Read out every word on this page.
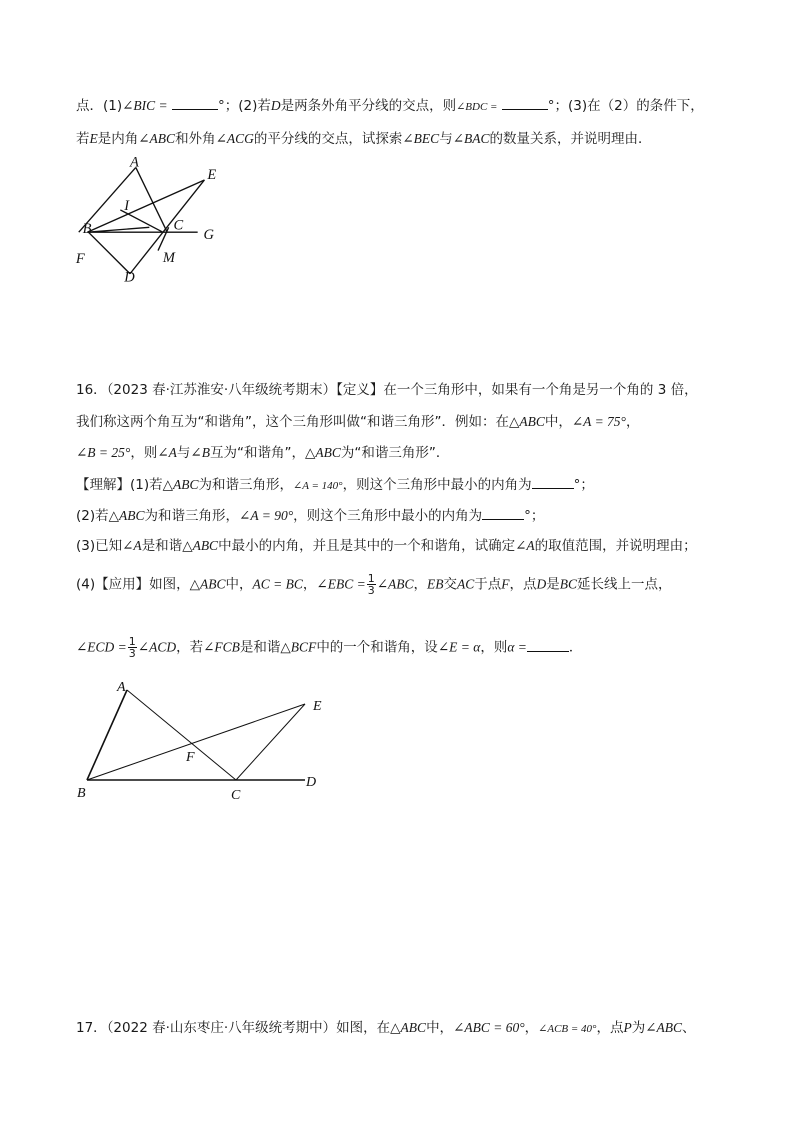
点．(1)∠BIC =	°；(2)若D是两条外角平分线的交点，则∠BDC =	°；(3)在（2）的条件下，
若E是内角∠ABC和外角∠ACG的平分线的交点，试探索∠BEC与∠BAC的数量关系，并说明理由．
A
E
I
B	C
G
F	M
D
16．（2023 春·江苏淮安·八年级统考期末）【定义】在一个三角形中，如果有一个角是另一个角的 3 倍，
我们称这两个角互为“和谐角”，这个三角形叫做“和谐三角形”．例如：在△ABC中，∠A = 75°，
∠B = 25°，则∠A与∠B互为“和谐角”，△ABC为“和谐三角形”．
【理解】(1)若△ABC为和谐三角形，∠A = 140°，则这个三角形中最小的内角为	°；
(2)若△ABC为和谐三角形，∠A = 90°，则这个三角形中最小的内角为	°；
(3)已知∠A是和谐△ABC中最小的内角，并且是其中的一个和谐角，试确定∠A的取值范围，并说明理由；
(4)【应用】如图，△ABC中，AC = BC，∠EBC = $\frac{1}{3}$ ∠ABC，EB交AC于点F，点D是BC延长线上一点，
∠ECD = $\frac{1}{3}$ ∠ACD，若∠FCB是和谐△BCF中的一个和谐角，设∠E = α，则α =	．
A
E
F
B	C
D
17．（2022 春·山东枣庄·八年级统考期中）如图，在△ABC中，∠ABC = 60°，∠ACB = 40°，点P为∠ABC、
